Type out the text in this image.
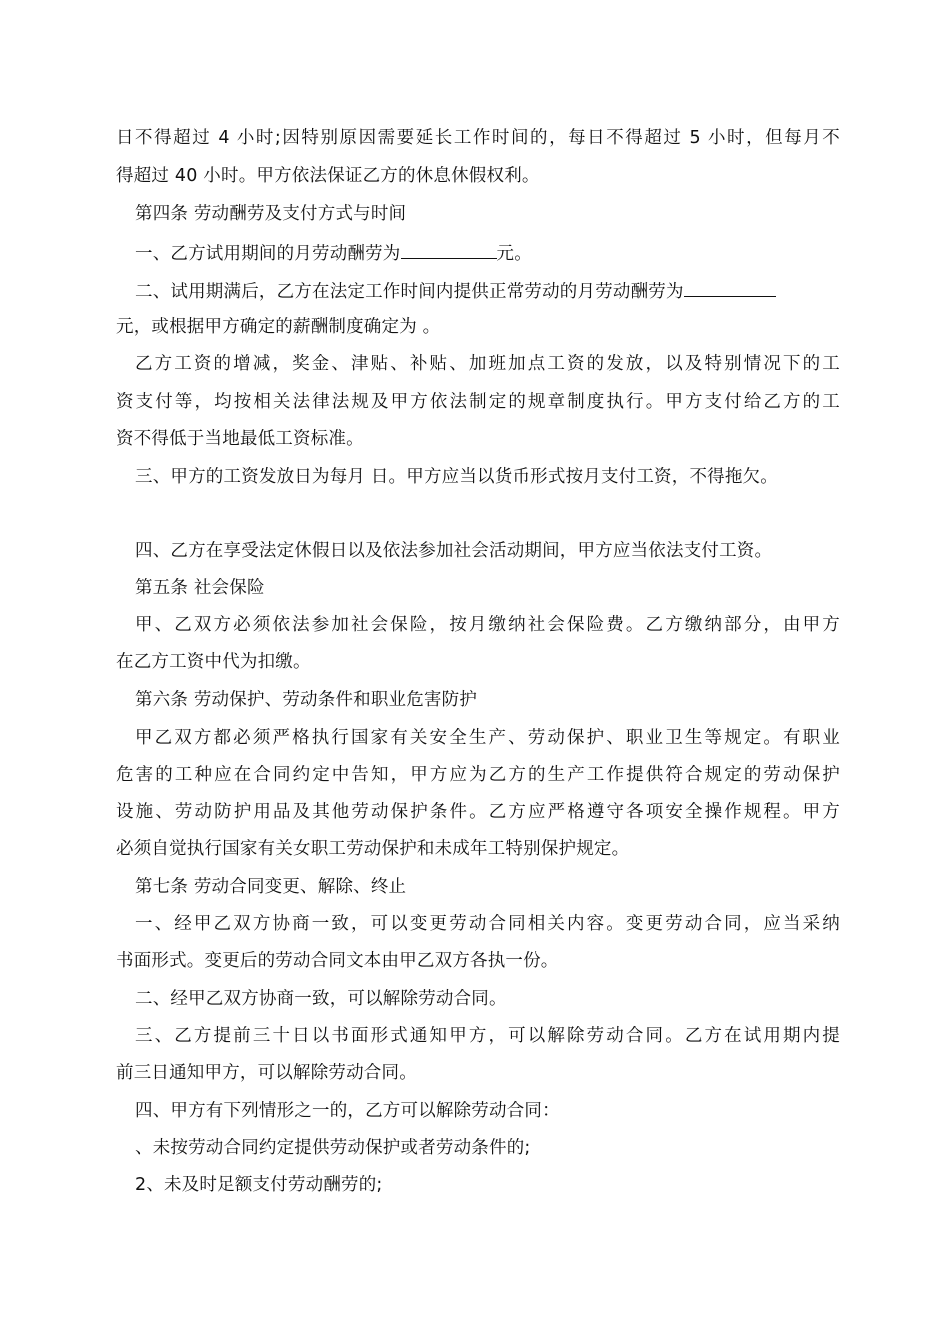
日不得超过 4 小时;因特别原因需要延长工作时间的，每日不得超过 5 小时，但每月不
得超过 40 小时。甲方依法保证乙方的休息休假权利。
第四条 劳动酬劳及支付方式与时间
一、乙方试用期间的月劳动酬劳为	元。
二、试用期满后，乙方在法定工作时间内提供正常劳动的月劳动酬劳为
元，或根据甲方确定的薪酬制度确定为 。
乙方工资的增减，奖金、津贴、补贴、加班加点工资的发放，以及特别情况下的工
资支付等，均按相关法律法规及甲方依法制定的规章制度执行。甲方支付给乙方的工
资不得低于当地最低工资标准。
三、甲方的工资发放日为每月 日。甲方应当以货币形式按月支付工资，不得拖欠。
四、乙方在享受法定休假日以及依法参加社会活动期间，甲方应当依法支付工资。
第五条 社会保险
甲、乙双方必须依法参加社会保险，按月缴纳社会保险费。乙方缴纳部分，由甲方
在乙方工资中代为扣缴。
第六条 劳动保护、劳动条件和职业危害防护
甲乙双方都必须严格执行国家有关安全生产、劳动保护、职业卫生等规定。有职业
危害的工种应在合同约定中告知，甲方应为乙方的生产工作提供符合规定的劳动保护
设施、劳动防护用品及其他劳动保护条件。乙方应严格遵守各项安全操作规程。甲方
必须自觉执行国家有关女职工劳动保护和未成年工特别保护规定。
第七条 劳动合同变更、解除、终止
一、经甲乙双方协商一致，可以变更劳动合同相关内容。变更劳动合同，应当采纳
书面形式。变更后的劳动合同文本由甲乙双方各执一份。
二、经甲乙双方协商一致，可以解除劳动合同。
三、乙方提前三十日以书面形式通知甲方，可以解除劳动合同。乙方在试用期内提
前三日通知甲方，可以解除劳动合同。
四、甲方有下列情形之一的，乙方可以解除劳动合同：
、未按劳动合同约定提供劳动保护或者劳动条件的;
2、未及时足额支付劳动酬劳的;
